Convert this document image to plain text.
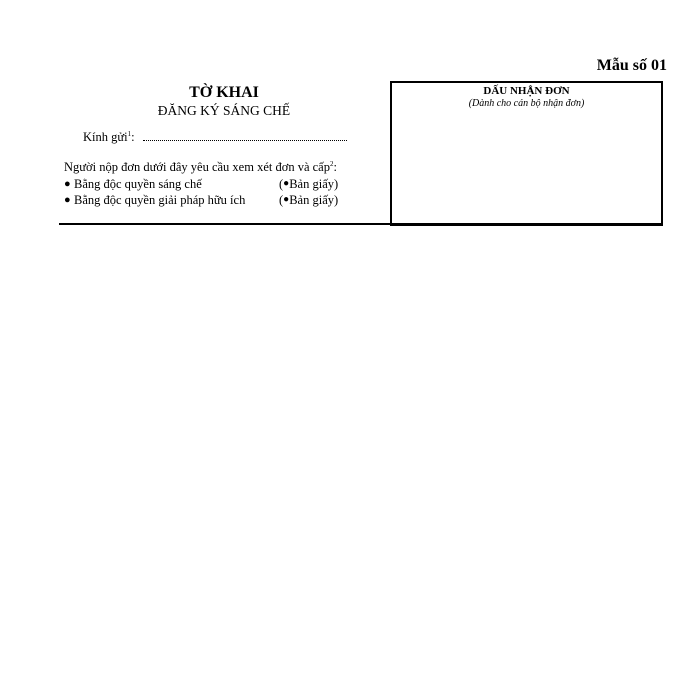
Mẫu số 01
TỜ KHAI
ĐĂNG KÝ SÁNG CHẾ
Kính gửi$^1$:
Người nộp đơn dưới đây yêu cầu xem xét đơn và cấp$^2$:
● Bằng độc quyền sáng chế	( ● Bản giấy)
● Bằng độc quyền giải pháp hữu ích	( ● Bản giấy)
DẤU NHẬN ĐƠN
(Dành cho cán bộ nhận đơn)
